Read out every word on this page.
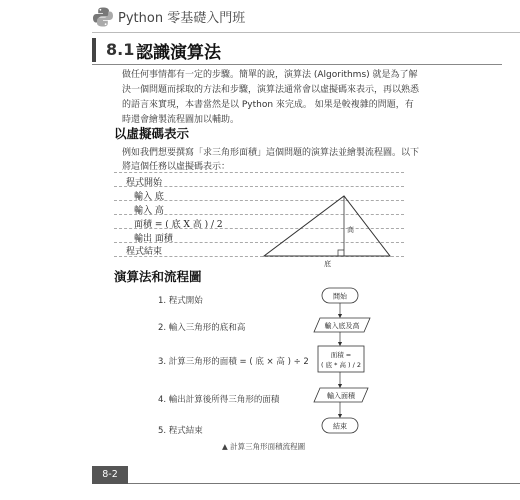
Python 零基礎入門班
8.1 認識演算法
做任何事情都有一定的步驟。簡單的說，演算法 (Algorithms) 就是為了解決一個問題而採取的方法和步驟，演算法通常會以虛擬碼來表示，再以熟悉的語言來實現，本書當然是以 Python 來完成。 如果是較複雜的問題，有時還會繪製流程圖加以輔助。
以虛擬碼表示
例如我們想要撰寫「求三角形面積」這個問題的演算法並繪製流程圖。以下將這個任務以虛擬碼表示：
程式開始
輸入 底
輸入 高
面積 = ( 底 X 高 ) / 2
輸出 面積
程式結束
高
底
演算法和流程圖
1. 程式開始
2. 輸入三角形的底和高
3. 計算三角形的面積 = ( 底 × 高 ) ÷ 2
4. 輸出計算後所得三角形的面積
5. 程式結束
開始
輸入底及高
面積 =
( 底 * 高 ) / 2
輸入面積
結束
▲ 計算三角形面積流程圖
8-2
